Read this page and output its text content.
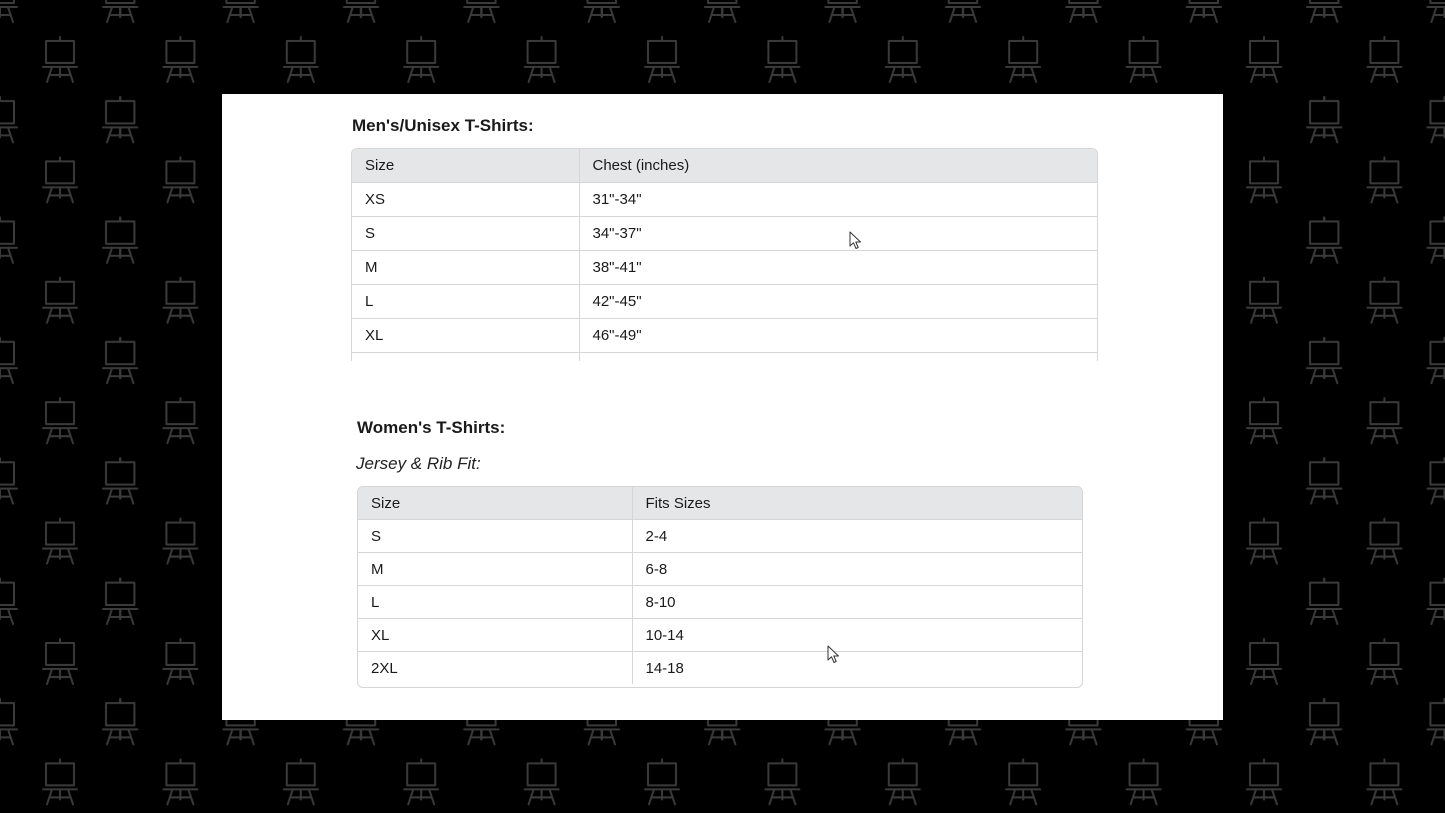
Men's/Unisex T-Shirts:
Size	Chest (inches)
XS	31"-34"
S	34"-37"
M	38"-41"
L	42"-45"
XL	46"-49"

Women's T-Shirts:

Jersey & Rib Fit:

Size	Fits Sizes
S	2-4
M	6-8
L	8-10
XL	10-14
2XL	14-18
